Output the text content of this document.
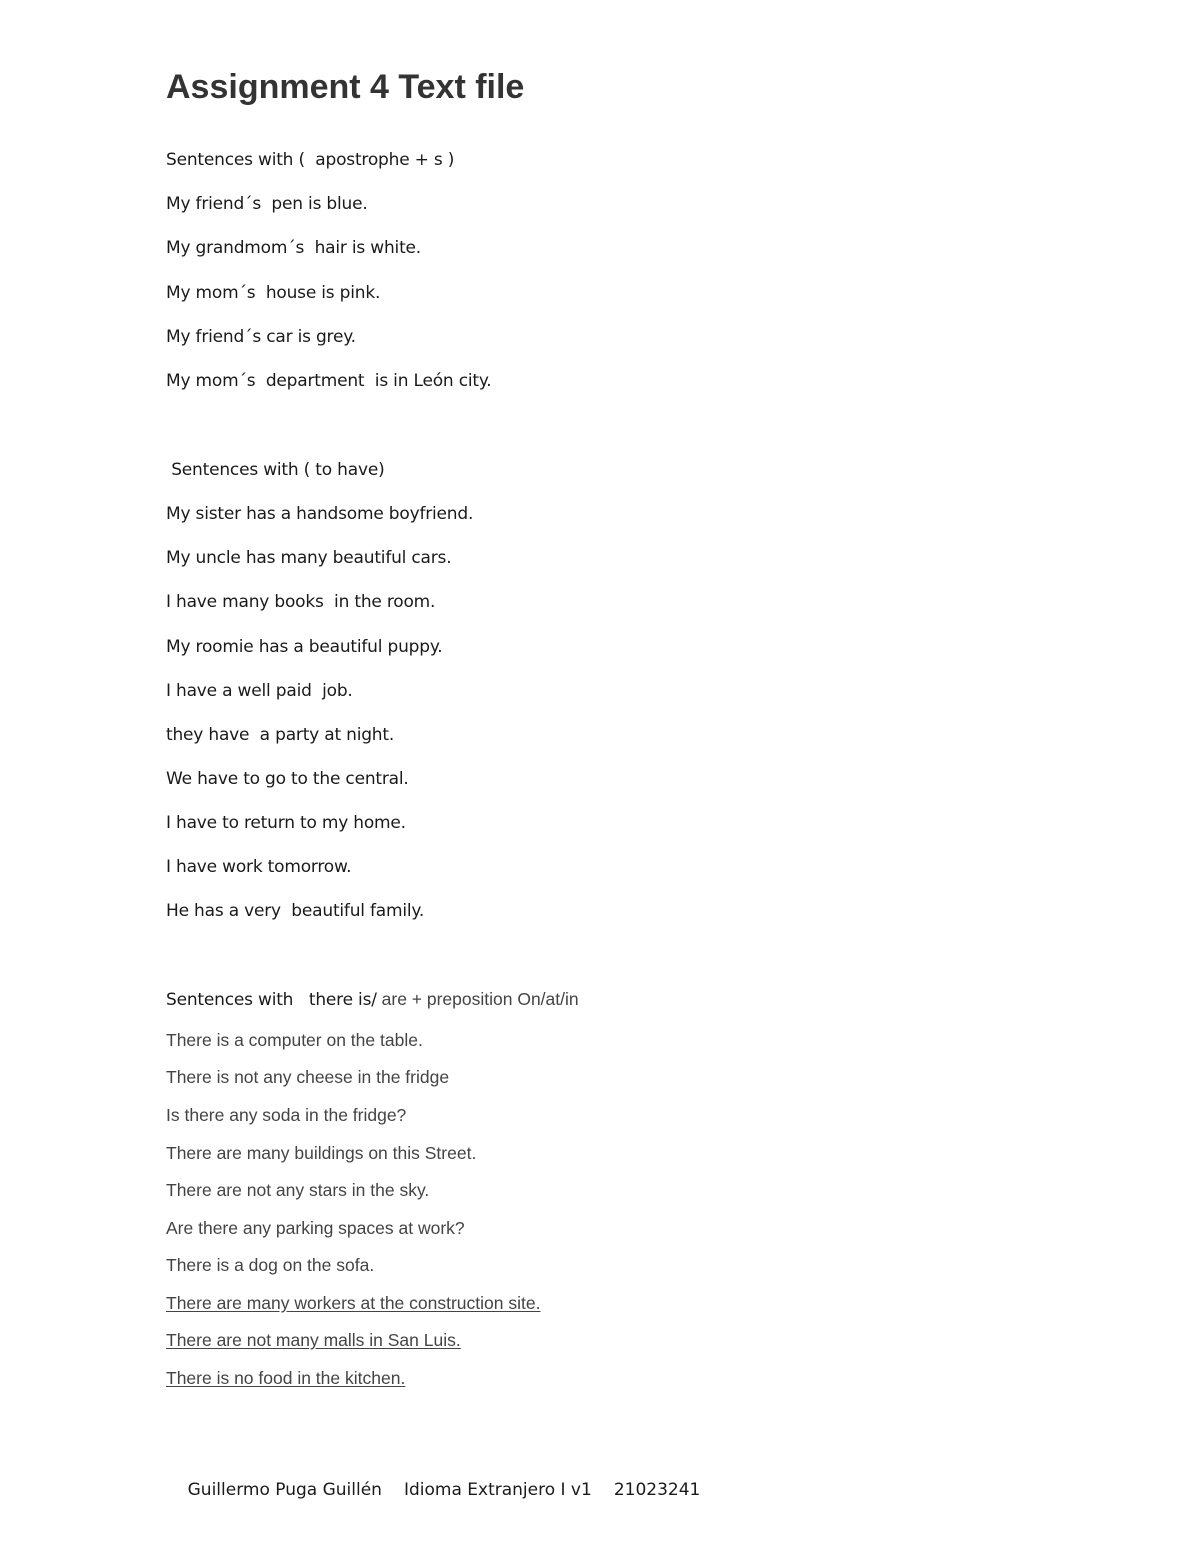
Assignment 4 Text file
Sentences with (  apostrophe + s )
My friend´s  pen is blue.
My grandmom´s  hair is white.
My mom´s  house is pink.
My friend´s car is grey.
My mom´s  department  is in León city.
Sentences with ( to have)
My sister has a handsome boyfriend.
My uncle has many beautiful cars.
I have many books  in the room.
My roomie has a beautiful puppy.
I have a well paid  job.
they have  a party at night.
We have to go to the central.
I have to return to my home.
I have work tomorrow.
He has a very  beautiful family.
Sentences with   there is/ are + preposition On/at/in
There is a computer on the table.
There is not any cheese in the fridge
Is there any soda in the fridge?
There are many buildings on this Street.
There are not any stars in the sky.
Are there any parking spaces at work?
There is a dog on the sofa.
There are many workers at the construction site.
There are not many malls in San Luis.
There is no food in the kitchen.

Guillermo Puga Guillén Idioma Extranjero I v1 21023241
